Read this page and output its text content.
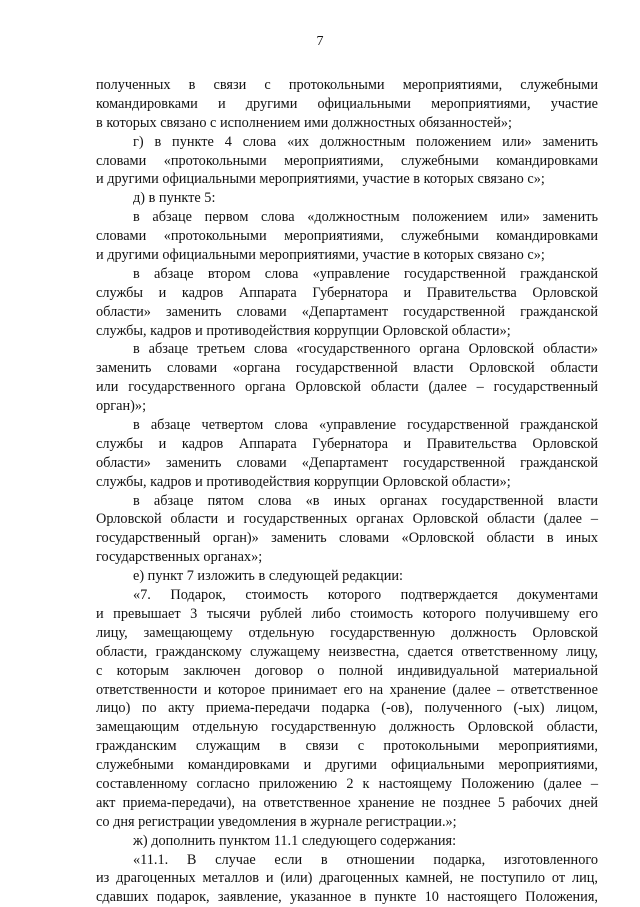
7
полученных в связи с протокольными мероприятиями, служебными
командировками и другими официальными мероприятиями, участие
в которых связано с исполнением ими должностных обязанностей»;
г) в пункте 4 слова «их должностным положением или» заменить
словами «протокольными мероприятиями, служебными командировками
и другими официальными мероприятиями, участие в которых связано с»;
д) в пункте 5:
в абзаце первом слова «должностным положением или» заменить
словами «протокольными мероприятиями, служебными командировками
и другими официальными мероприятиями, участие в которых связано с»;
в абзаце втором слова «управление государственной гражданской
службы и кадров Аппарата Губернатора и Правительства Орловской
области» заменить словами «Департамент государственной гражданской
службы, кадров и противодействия коррупции Орловской области»;
в абзаце третьем слова «государственного органа Орловской области»
заменить словами «органа государственной власти Орловской области
или государственного органа Орловской области (далее – государственный
орган)»;
в абзаце четвертом слова «управление государственной гражданской
службы и кадров Аппарата Губернатора и Правительства Орловской
области» заменить словами «Департамент государственной гражданской
службы, кадров и противодействия коррупции Орловской области»;
в абзаце пятом слова «в иных органах государственной власти
Орловской области и государственных органах Орловской области (далее –
государственный орган)» заменить словами «Орловской области в иных
государственных органах»;
е) пункт 7 изложить в следующей редакции:
«7. Подарок, стоимость которого подтверждается документами
и превышает 3 тысячи рублей либо стоимость которого получившему его
лицу, замещающему отдельную государственную должность Орловской
области, гражданскому служащему неизвестна, сдается ответственному лицу,
с которым заключен договор о полной индивидуальной материальной
ответственности и которое принимает его на хранение (далее – ответственное
лицо) по акту приема-передачи подарка (-ов), полученного (-ых) лицом,
замещающим отдельную государственную должность Орловской области,
гражданским служащим в связи с протокольными мероприятиями,
служебными командировками и другими официальными мероприятиями,
составленному согласно приложению 2 к настоящему Положению (далее –
акт приема-передачи), на ответственное хранение не позднее 5 рабочих дней
со дня регистрации уведомления в журнале регистрации.»;
ж) дополнить пунктом 11.1 следующего содержания:
«11.1. В случае если в отношении подарка, изготовленного
из драгоценных металлов и (или) драгоценных камней, не поступило от лиц,
сдавших подарок, заявление, указанное в пункте 10 настоящего Положения,
